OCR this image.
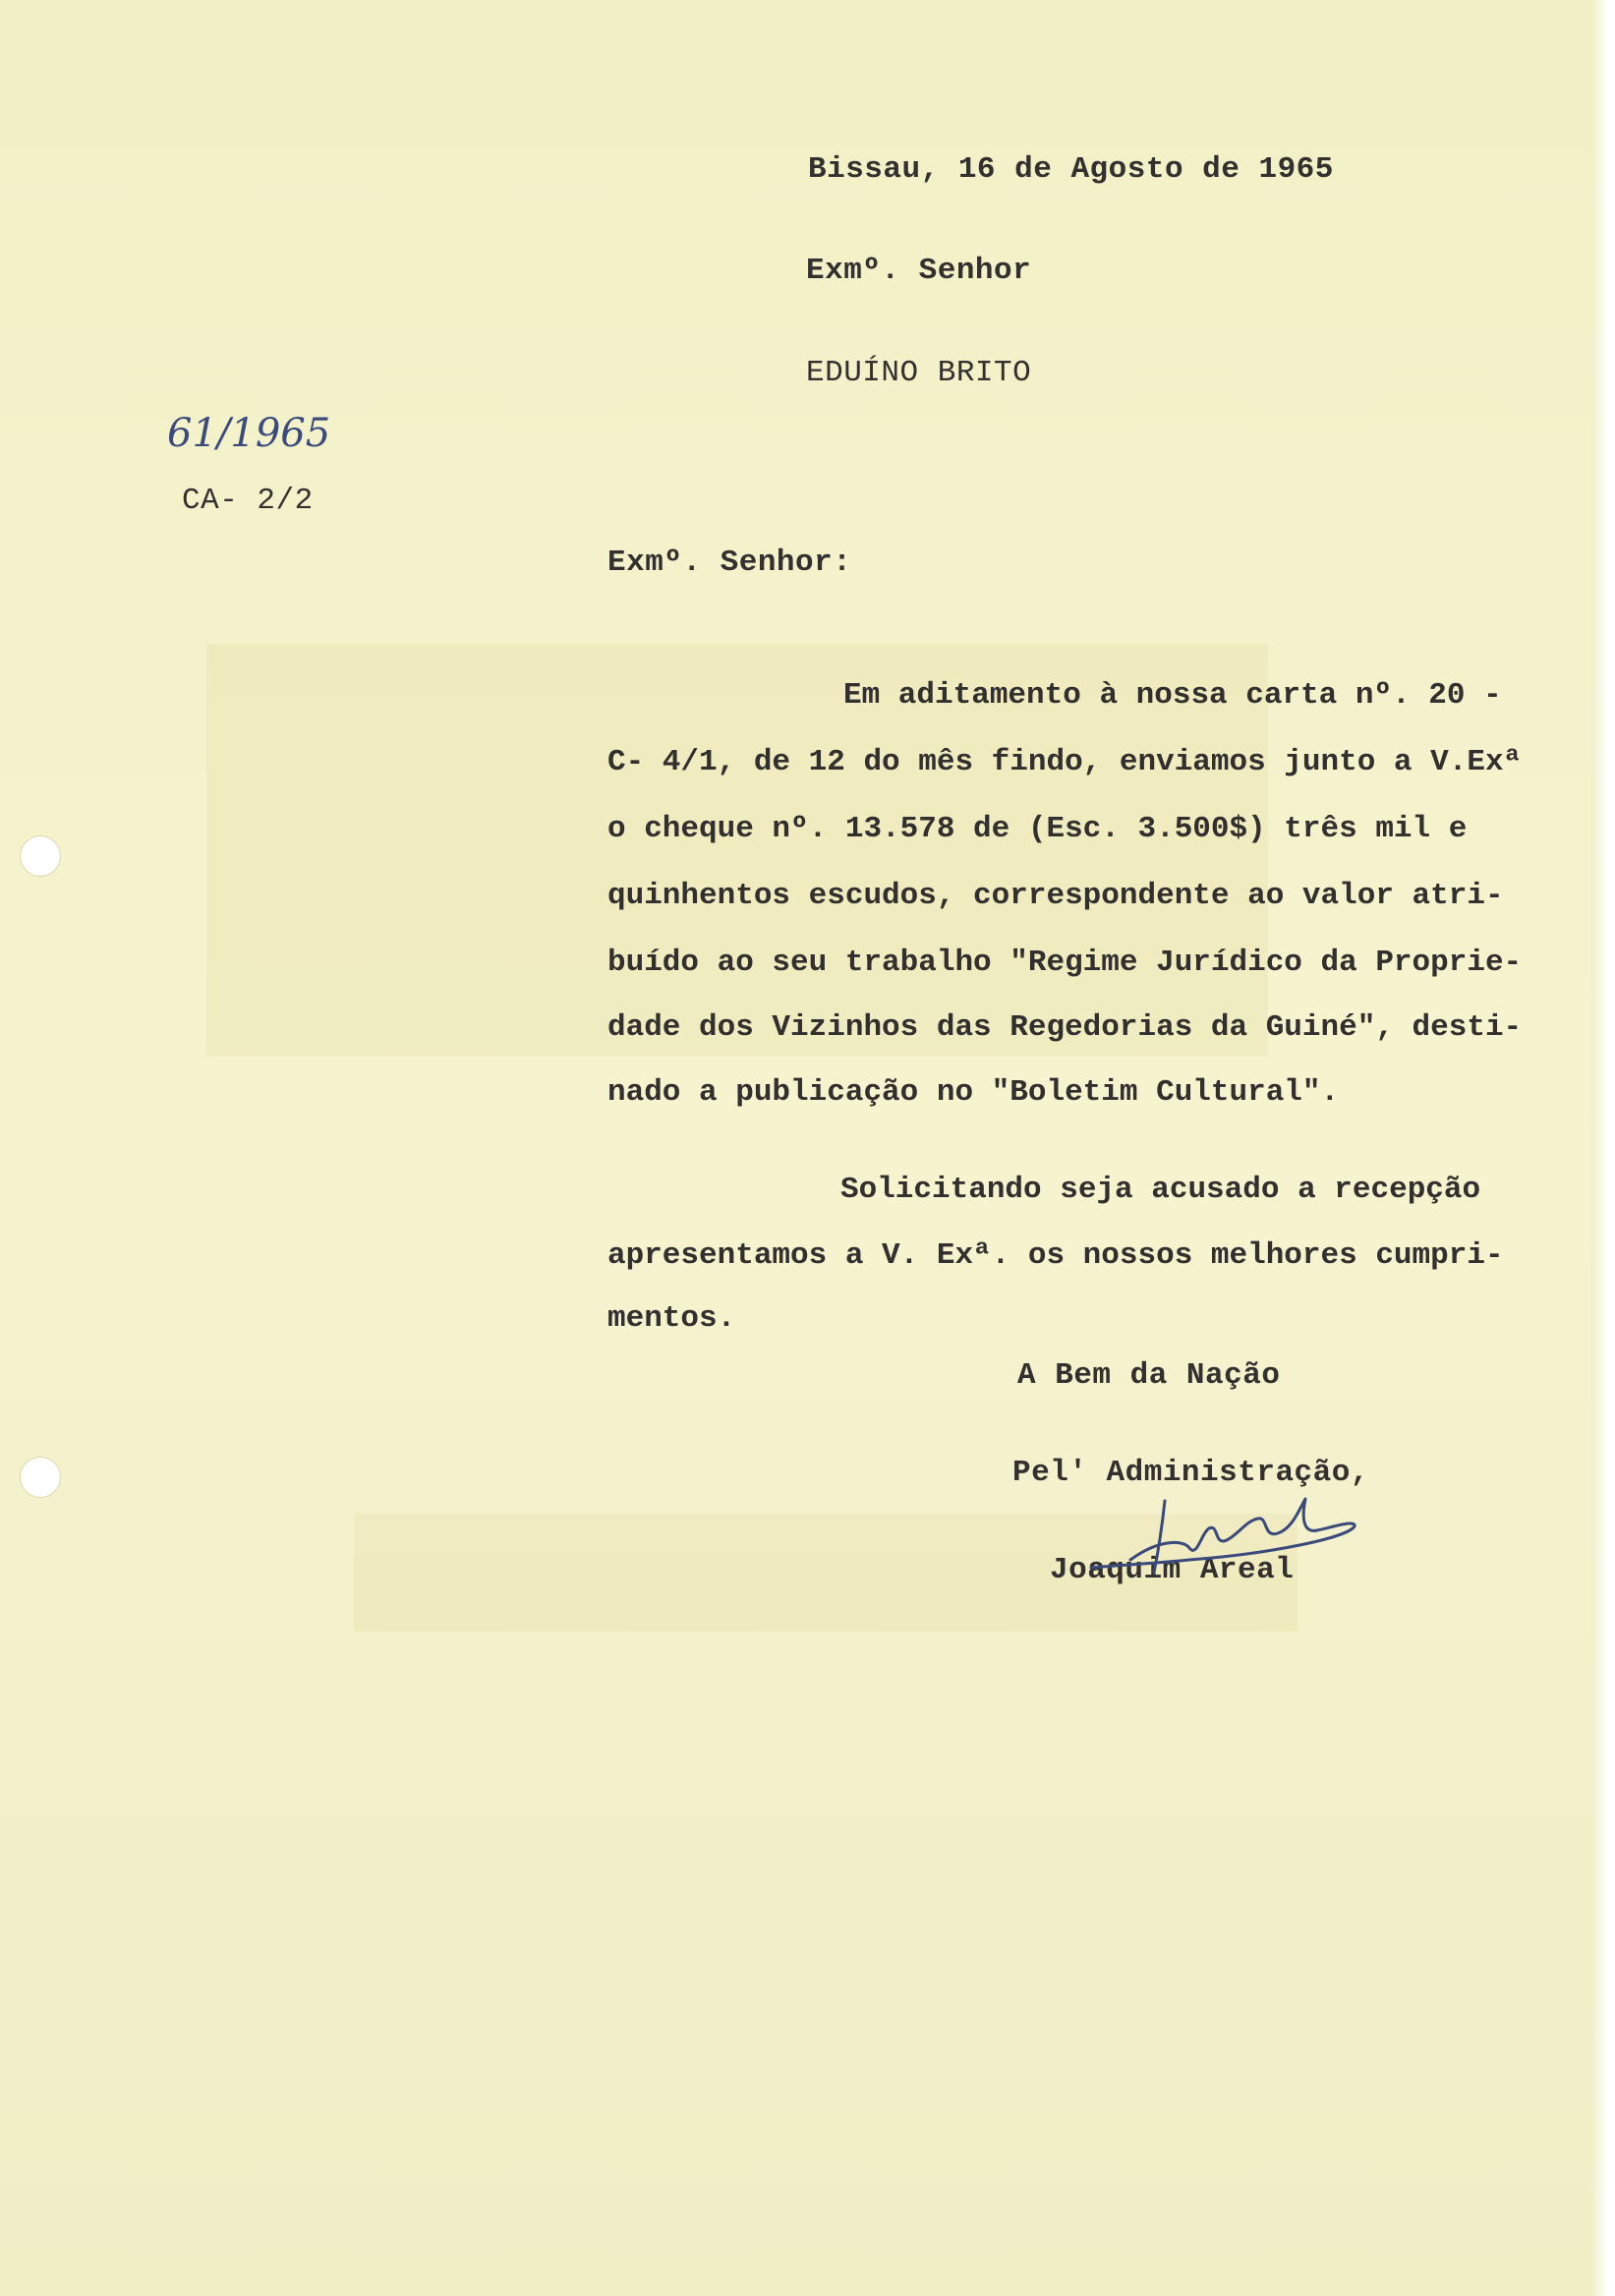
Bissau, 16 de Agosto de 1965
Exmº. Senhor
EDUÍNO BRITO
61/1965
CA- 2/2
Exmº. Senhor:
Em aditamento à nossa carta nº. 20 -
C- 4/1, de 12 do mês findo, enviamos junto a V.Exª
o cheque nº. 13.578 de (Esc. 3.500$) três mil e
quinhentos escudos, correspondente ao valor atri-
buído ao seu trabalho "Regime Jurídico da Proprie-
dade dos Vizinhos das Regedorias da Guiné", desti-
nado a publicação no "Boletim Cultural".
Solicitando seja acusado a recepção
apresentamos a V. Exª. os nossos melhores cumpri-
mentos.
A Bem da Nação
Pel' Administração,
Joaquim Areal
